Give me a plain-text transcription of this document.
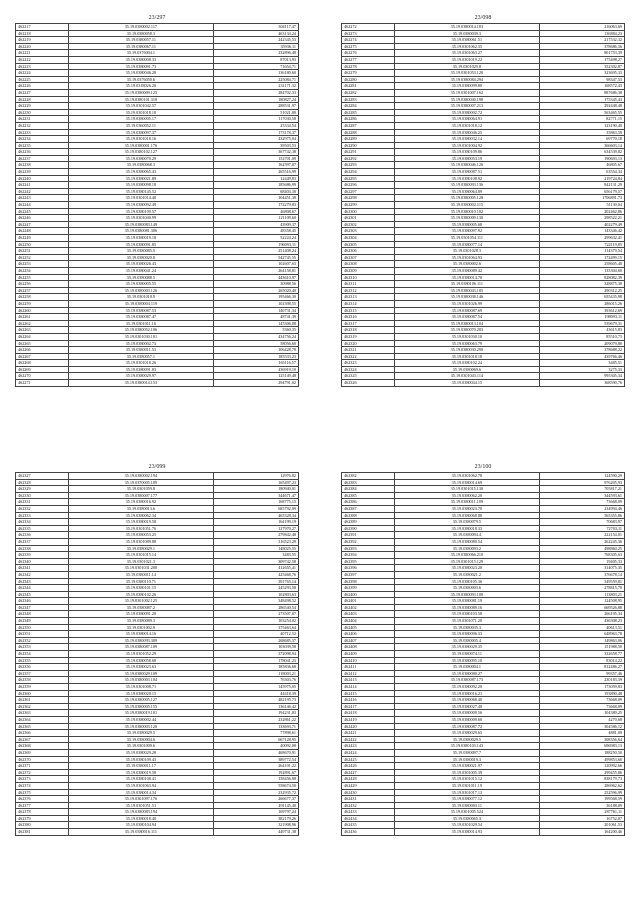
23/297
462217	35.19.0380002.117	304117,47
462218	35.19.0380058.3	463134,24
462219	35.19.0380057.11	242345,53
462220	35.19.0380067.11	35936,11
462221	35.19.0376004.1	232896,48
462222	35.19.0380008.33	87013,93
462223	35.19.0380091.73	71654,71
462224	35.19.0380046.28	136180,60
462225	35.19.0376050.6	225084,71
462226	35.19.0318026.20	231171,32
462227	35.19.0380009.125	284702,33
462228	35.19.0380101.318	180827,24
462229	35.19.0301042.57	288531,97
462230	35.19.0301018.10	51021,80
462231	35.19.0380005.17	117030,58
462232	35.19.0360052.11	25334,54
462233	35.19.0380097.37	173178,37
462234	35.19.0301018.16	432975,04
462235	35.19.0380001.176	39503,53
462236	35.19.0380102.127	367742,38
462237	35.19.0380070.29	152701,09
462238	35.19.0380068.3	162597,07
462239	35.19.0380065.43	265516,99
462240	35.19.0380021.89	12449,83
462241	35.19.0380098.18	185686,99
462242	35.19.0380145.52	68403,30
462243	35.19.0301014.40	104451,38
462244	35.19.0380092.49	172279,83
462245	35.19.0380109.57	46808,67
462246	35.19.0301040.99	121109,60
462247	35.19.0380083.149	43909,37
462248	35.19.0380081.306	48358,45
462249	35.19.0380019.18	52224,24
462250	35.19.0380091.85	196093,11
462251	35.19.0380085.5	251408,24
462252	35.19.0380020.8	542745,55
462253	35.19.0380026.43	102607,63
462254	35.19.0380041.24	264158,81
462255	35.19.0380088.5	443610,97
462256	35.19.0380005.55	30988,56
462257	35.19.0380003.126	265020,40
462258	35.19.0301018.9	195466,30
462259	35.19.0380004.119	102398,55
462260	35.19.0380087.53	140731,34
462261	35.19.0380087.47	48741,39
462262	35.19.0301011.16	145306,08
462263	35.19.0380052.106	5360,35
462264	35.19.0301030.101	434756,24
462265	35.19.0380002.73	58056,60
462266	35.19.0380011.53	106428,78
462267	35.19.0380057.1	185533,23
462268	35.19.0301018.26	165116,57
462269	35.19.0380091.83	436919,10
462270	35.19.0380029.97	125149,48
462271	35.19.0380014.153	294791,02
23/098
462272	35.19.0380014.183	216063,69
462273	35.19.0380039.3	136884,23
462274	35.19.0380061.51	217532,32
462275	35.19.0301062.35	378686,36
462276	35.19.0301063.27	801753,39
462277	35.19.0301019.22	175498,27
462278	35.19.0301029.8	352302,87
462279	35.19.0301053.120	323695,33
462280	35.19.0380084.294	98347,53
462281	35.19.0380099.80	168572,43
462282	35.19.0301007.162	887686,38
462283	35.19.0380040.198	175345,43
462284	35.19.0380007.213	292448,48
462285	35.19.0380002.72	563465,55
462286	35.19.0380064.91	82771,15
462287	35.19.0301018.12	123190,40
462288	35.19.0380046.25	35863,59
462289	35.19.0380032.14	69770,18
462290	35.19.0301004.92	366603,14
462291	35.19.0380109.86	634539,82
462292	35.19.0380053.19	190693,13
462293	35.19.0380046.126	46805,67
462294	35.19.0380087.51	63554,34
462295	35.19.0380108.92	219724,84
462296	35.19.0380093.136	842131,29
462297	35.19.0380064.89	656179,57
462298	35.19.0380005.128	1706891,73
462299	35.19.0380002.115	51130,04
462300	35.19.0380010.102	202462,86
462301	35.19.0380009.130	298522,21
462302	35.19.0380005.68	402279,49
462303	35.19.0380097.92	143346,42
462304	35.19.0301054.111	299632,41
462305	35.19.0380077.14	722119,85
462306	35.19.0301028.3	114379,54
462307	35.19.0301064.93	172499,15
462308	35.19.0380002.6	258605,40
462309	35.19.0380089.42	135304,60
462310	35.19.0380014.70	828082,39
462311	35.19.0380106.111	328875,30
462312	35.19.0380043.105	290312,25
462313	35.19.0380038.146	655435,98
462314	35.19.0301026.99	286015,26
462315	35.19.0380087.69	393612,69
462316	35.19.0380087.54	198093,11
462317	35.19.0380013.104	539679,31
462318	35.19.0380070.283	43615,83
462319	35.19.0301030.10	85510,73
462320	35.19.0380063.79	209079,80
462321	35.19.0380030.290	378688,22
462322	35.19.0301018.18	439766,46
462323	35.19.0380102.24	3485,51
462324	35.19.0380069.6	3275,33
462325	35.19.0301043.114	995305,34
462326	35.19.0380044.15	368590,76
23/099
462327	35.19.0380002.194	12976,82
462328	35.19.0370005.109	165497,23
462329	35.19.0301059.8	180940,01
462330	35.19.0380007.177	344671,47
462331	35.19.0380016.92	168775,15
462332	35.19.0380013.6	685792,09
462333	35.19.0380062.34	465328,34
462334	35.19.0380019.58	164199,19
462335	35.19.0301051.76	127970,27
462336	35.19.0380053.25	279842,48
462337	35.19.0301089.88	316523,29
462338	35.19.0380029.1	148025,55
462339	35.19.0301015.14	3483,55
462340	35.19.0301021.3	309742,58
462341	35.19.0301031.200	412655,41
462342	35.19.0380011.14	425468,76
462343	35.19.0380110.71	391765,14
462344	35.19.0380101.15	245293,58
462345	35.19.0380102.26	102803,63
462346	35.19.0301002.125	348498,52
462347	35.19.0380087.2	286540,54
462348	35.19.0380091.20	273507,07
462349	35.19.0380089.3	103254,02
462350	35.19.0301002.9	375463,64
462351	35.19.0380014.16	40712,52
462352	35.19.0380093.309	268685,57
462353	35.19.0380087.109	103039,58
462354	35.19.0301052.29	372098,94
462355	35.19.0380058.68	178041,23
462356	35.19.0380023.63	185836,68
462357	35.19.0380029.109	118003,21
462358	35.19.0380003.104	76303,76
462359	35.19.0301008.71	145975,05
462360	35.19.0380020.15	44418,39
462361	35.19.0380005.127	482195,73
462362	35.19.0380005.155	136146,42
462363	35.19.0380019.101	194231,83
462364	35.19.0380002.44	232861,22
462365	35.19.0380003.120	133693,71
462366	35.19.0380029.5	77898,61
462367	35.19.0380004.6	667128,95
462368	35.19.0301009.6	40092,08
462369	35.19.0380029.28	468670,91
462370	35.19.0380109.43	389772,54
462371	35.19.0380011.17	264101,22
462372	35.19.0380019.58	192891,67
462373	35.19.0380108.41	158456,98
462374	35.19.0301063.94	558674,50
462375	35.19.0380014.34	232935,72
462376	35.19.0301097.176	266677,37
462377	35.19.0301051.51	491145,40
462378	35.19.0380083.194	169797,24
462379	35.19.0380018.40	382179,26
462380	35.19.0380104.94	321908,96
462381	35.19.0380016.111	449731,38
23/100
462382	35.19.0301062.78	124590,29
462383	35.19.0380014.69	976205,93
462384	35.19.0301015.130	705817,21
462385	35.19.0380062.20	344593,61
462386	35.19.0380011.109	73668,09
462387	35.19.0380023.70	234994,46
462388	35.19.0380068.88	565355,86
462389	35.19.0380079.5	70683,97
462390	35.19.0380018.33	72703,11
462391	35.19.0380094.4	222154,01
462392	35.19.0380080.54	262245,36
462393	35.19.0380093.2	498860,25
462394	35.19.0380066.210	768305,63
462395	35.19.0301015.129	19405,33
462396	35.19.0380023.20	314075,35
462397	35.19.0380021.2	376678,14
462398	35.19.0380105.36	349559,81
462399	35.19.0380003.6	278815,70
462400	35.19.0380093.100	113803,21
462401	35.19.0380081.19	124508,95
462402	35.19.0380089.16	669526,88
462403	35.19.0380103.58	266195,34
462404	35.19.0301071.20	436308,23
462405	35.19.0380035.3	40613,51
462406	35.19.0380096.33	648963,78
462407	35.19.0380005.4	149863,06
462408	35.19.0380029.35	151988,50
462409	35.19.0380074.11	332658,77
462410	35.19.0380095.10	83014,22
462411	35.19.0380004.1	812486,27
462412	35.19.0380080.27	99357,46
462413	35.19.0380087.173	230183,39
462414	35.19.0380092.20	173059,83
462415	35.19.0380016.21	193890,48
462416	35.19.0380068.40	73668,09
462417	35.19.0380027.40	73668,09
462418	35.19.0380009.56	104380,25
462419	35.19.0380009.60	4270,68
462420	35.19.0380087.72	304586,12
462421	35.19.0380029.65	4881,09
462422	35.19.0380029.5	308356,64
462423	35.19.0380103.143	696983,13
462424	35.19.0380097.7	188250,50
462425	35.19.0380019.3	499853,60
462426	35.19.0380021.97	120992,66
462427	35.19.0301005.39	299455,86
462428	35.19.0301015.12	838179,73
462429	35.19.0301011.19	286962,62
462430	35.19.0301017.13	252596,99
462431	35.19.0380077.12	199568,59
462432	35.19.0380003.11	36188,09
462433	35.19.0301005.524	287761,11
462434	35.19.0380065.3	16752,07
462435	35.19.0301029.54	201061,53
462436	35.19.0380014.93	164200,46
